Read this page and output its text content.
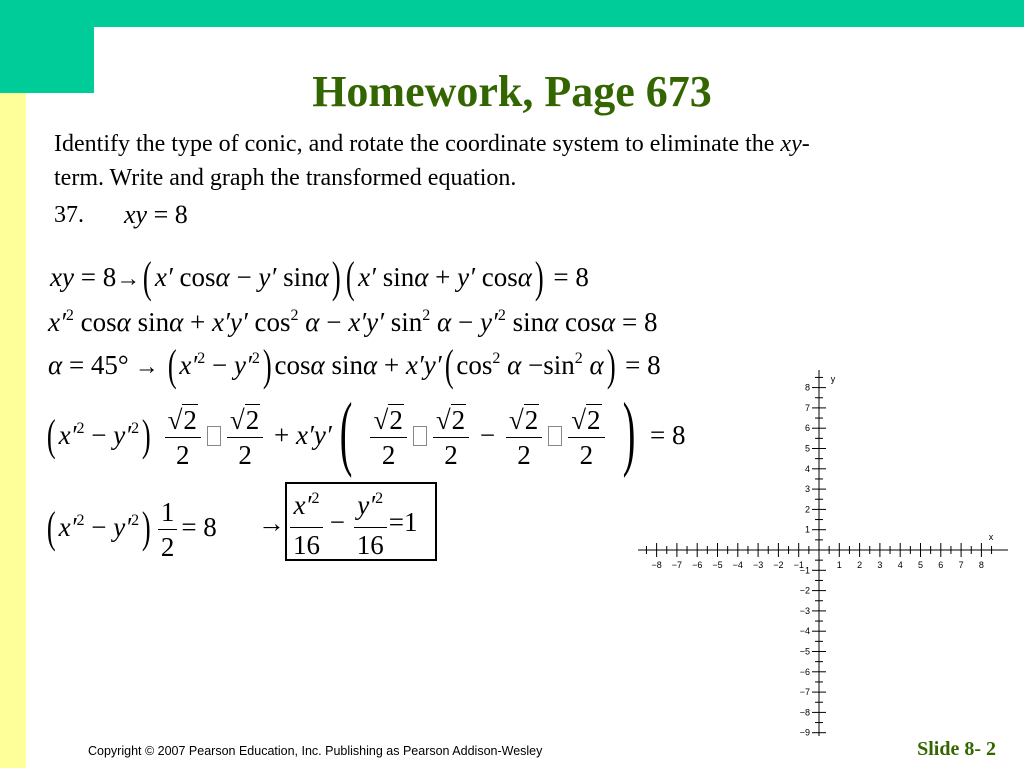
Homework, Page 673
Identify the type of conic, and rotate the coordinate system to eliminate the xy-
term. Write and graph the transformed equation.
37. xy = 8
xy = 8→( x′ cosα − y′ sinα) ( x′ sinα + y′ cosα) = 8
$x'^2$ cosα sinα + x′y′ $\cos^2 \alpha - x'y'$ $\sin^2 \alpha - y'^2$ sinα cosα = 8
α = 45° → ( $x'^2 - y'^2$) cosα sinα + x′y′( $\cos^2 \alpha -\sin^2$ α) = 8
( $x'^2 - y'^2) \frac{√2}{2} \frac{√2}{2} + x'y'( \frac{√2}{2} \frac{√2}{2} - \frac{√2}{2} \frac{√2}{2}$ ) = 8
( $x'^2 - y'^2) \frac{1}{2} = 8 \to \frac{x'^2}{16} - \frac{y'^2}{16} =1$	x
y
−8 −7 −6 −5 −4 −3 −2 −1	1 2 3 4 5 6 7 8
8
7
6
5
4
3
2
1
−1
−2
−3
−4
−5
−6
−7
−8
−9
Copyright © 2007 Pearson Education, Inc. Publishing as Pearson Addison-Wesley	Slide 8- 2
